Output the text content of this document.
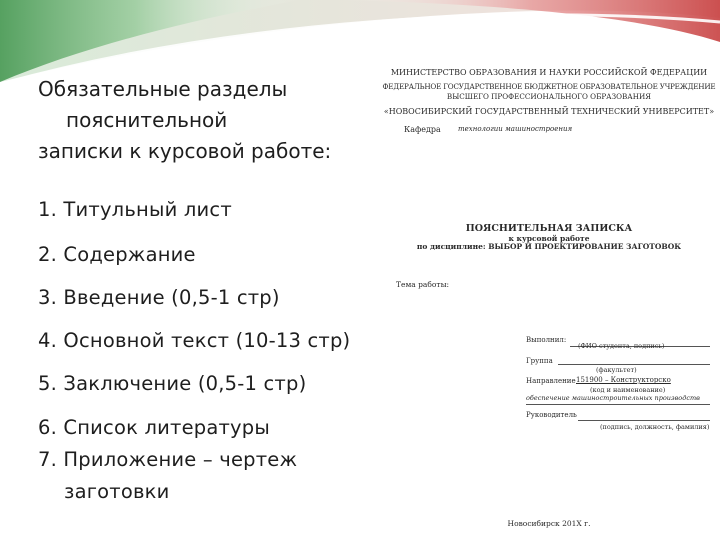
Обязательные разделы
пояснительной
записки к курсовой работе:
1. Титульный лист
2. Содержание
3. Введение (0,5-1 стр)
4. Основной текст (10-13 стр)
5. Заключение (0,5-1 стр)
6. Список литературы
7. Приложение – чертеж
заготовки
МИНИСТЕРСТВО ОБРАЗОВАНИЯ И НАУКИ РОССИЙСКОЙ ФЕДЕРАЦИИ
ФЕДЕРАЛЬНОЕ ГОСУДАРСТВЕННОЕ БЮДЖЕТНОЕ ОБРАЗОВАТЕЛЬНОЕ УЧРЕЖДЕНИЕ
ВЫСШЕГО ПРОФЕССИОНАЛЬНОГО ОБРАЗОВАНИЯ
«НОВОСИБИРСКИЙ ГОСУДАРСТВЕННЫЙ ТЕХНИЧЕСКИЙ УНИВЕРСИТЕТ»
Кафедра технологии машиностроения
ПОЯСНИТЕЛЬНАЯ ЗАПИСКА
к курсовой работе
по дисциплине: ВЫБОР И ПРОЕКТИРОВАНИЕ ЗАГОТОВОК
Тема работы:
Выполнил:
(ФИО студента, подпись)
Группа
(факультет)
Направление 151900 – Конструкторско
(код и наименование)
обеспечение машиностроительных производств
Руководитель
(подпись, должность, фамилия)
Новосибирск 201Х г.
